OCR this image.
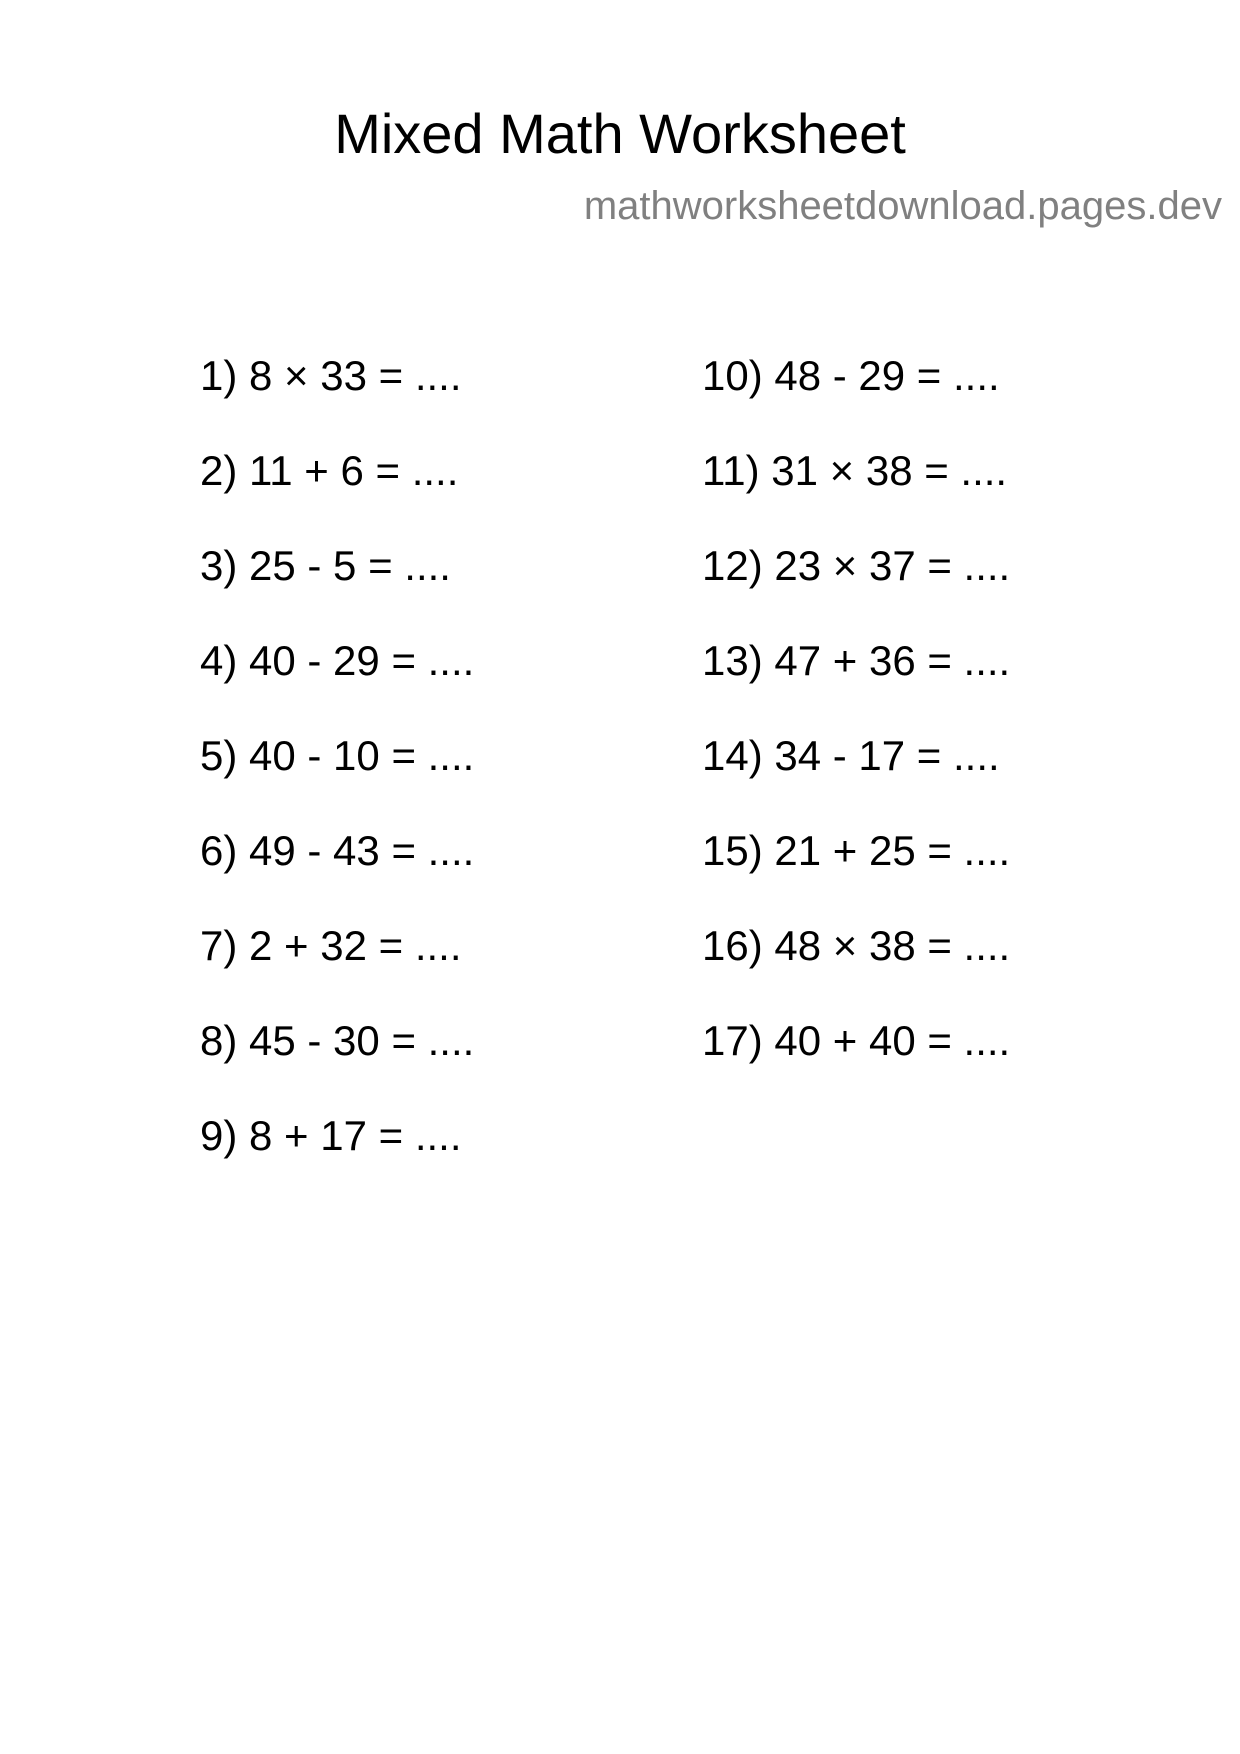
Mixed Math Worksheet
mathworksheetdownload.pages.dev
1) 8 × 33 = ....
2) 11 + 6 = ....
3) 25 - 5 = ....
4) 40 - 29 = ....
5) 40 - 10 = ....
6) 49 - 43 = ....
7) 2 + 32 = ....
8) 45 - 30 = ....
9) 8 + 17 = ....
10) 48 - 29 = ....
11) 31 × 38 = ....
12) 23 × 37 = ....
13) 47 + 36 = ....
14) 34 - 17 = ....
15) 21 + 25 = ....
16) 48 × 38 = ....
17) 40 + 40 = ....
